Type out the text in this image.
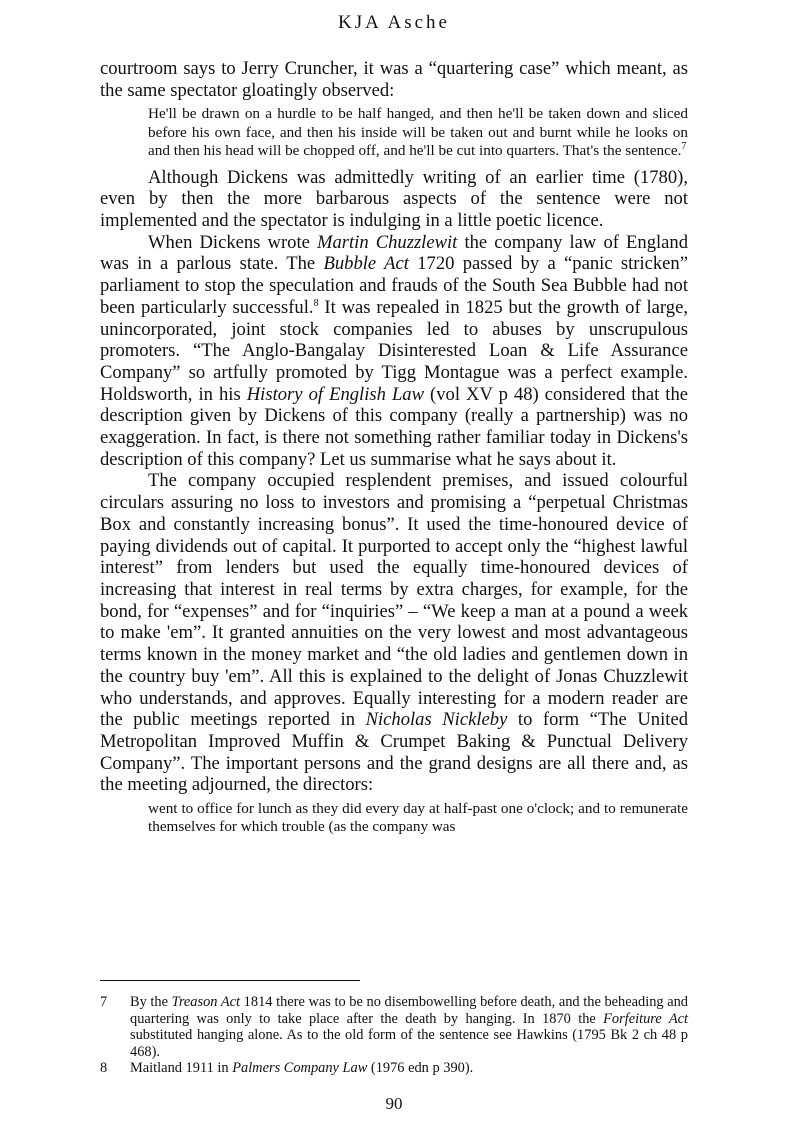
KJA Asche

courtroom says to Jerry Cruncher, it was a “quartering case” which meant, as the same spectator gloatingly observed:

He'll be drawn on a hurdle to be half hanged, and then he'll be taken down and sliced before his own face, and then his inside will be taken out and burnt while he looks on and then his head will be chopped off, and he'll be cut into quarters. That's the sentence.$^7$

Although Dickens was admittedly writing of an earlier time (1780), even by then the more barbarous aspects of the sentence were not implemented and the spectator is indulging in a little poetic licence.

When Dickens wrote Martin Chuzzlewit the company law of England was in a parlous state. The Bubble Act 1720 passed by a “panic stricken” parliament to stop the speculation and frauds of the South Sea Bubble had not been particularly successful.$^8$ It was repealed in 1825 but the growth of large, unincorporated, joint stock companies led to abuses by unscrupulous promoters. “The Anglo-Bangalay Disinterested Loan & Life Assurance Company” so artfully promoted by Tigg Montague was a perfect example. Holdsworth, in his History of English Law (vol XV p 48) considered that the description given by Dickens of this company (really a partnership) was no exaggeration. In fact, is there not something rather familiar today in Dickens's description of this company? Let us summarise what he says about it.

The company occupied resplendent premises, and issued colourful circulars assuring no loss to investors and promising a “perpetual Christmas Box and constantly increasing bonus”. It used the time-honoured device of paying dividends out of capital. It purported to accept only the “highest lawful interest” from lenders but used the equally time-honoured devices of increasing that interest in real terms by extra charges, for example, for the bond, for “expenses” and for “inquiries” – “We keep a man at a pound a week to make 'em”. It granted annuities on the very lowest and most advantageous terms known in the money market and “the old ladies and gentlemen down in the country buy 'em”. All this is explained to the delight of Jonas Chuzzlewit who understands, and approves. Equally interesting for a modern reader are the public meetings reported in Nicholas Nickleby to form “The United Metropolitan Improved Muffin & Crumpet Baking & Punctual Delivery Company”. The important persons and the grand designs are all there and, as the meeting adjourned, the directors:

went to office for lunch as they did every day at half-past one o'clock; and to remunerate themselves for which trouble (as the company was
7	By the Treason Act 1814 there was to be no disembowelling before death, and the beheading and quartering was only to take place after the death by hanging. In 1870 the Forfeiture Act substituted hanging alone. As to the old form of the sentence see Hawkins (1795 Bk 2 ch 48 p 468).
8	Maitland 1911 in Palmers Company Law (1976 edn p 390).
90
